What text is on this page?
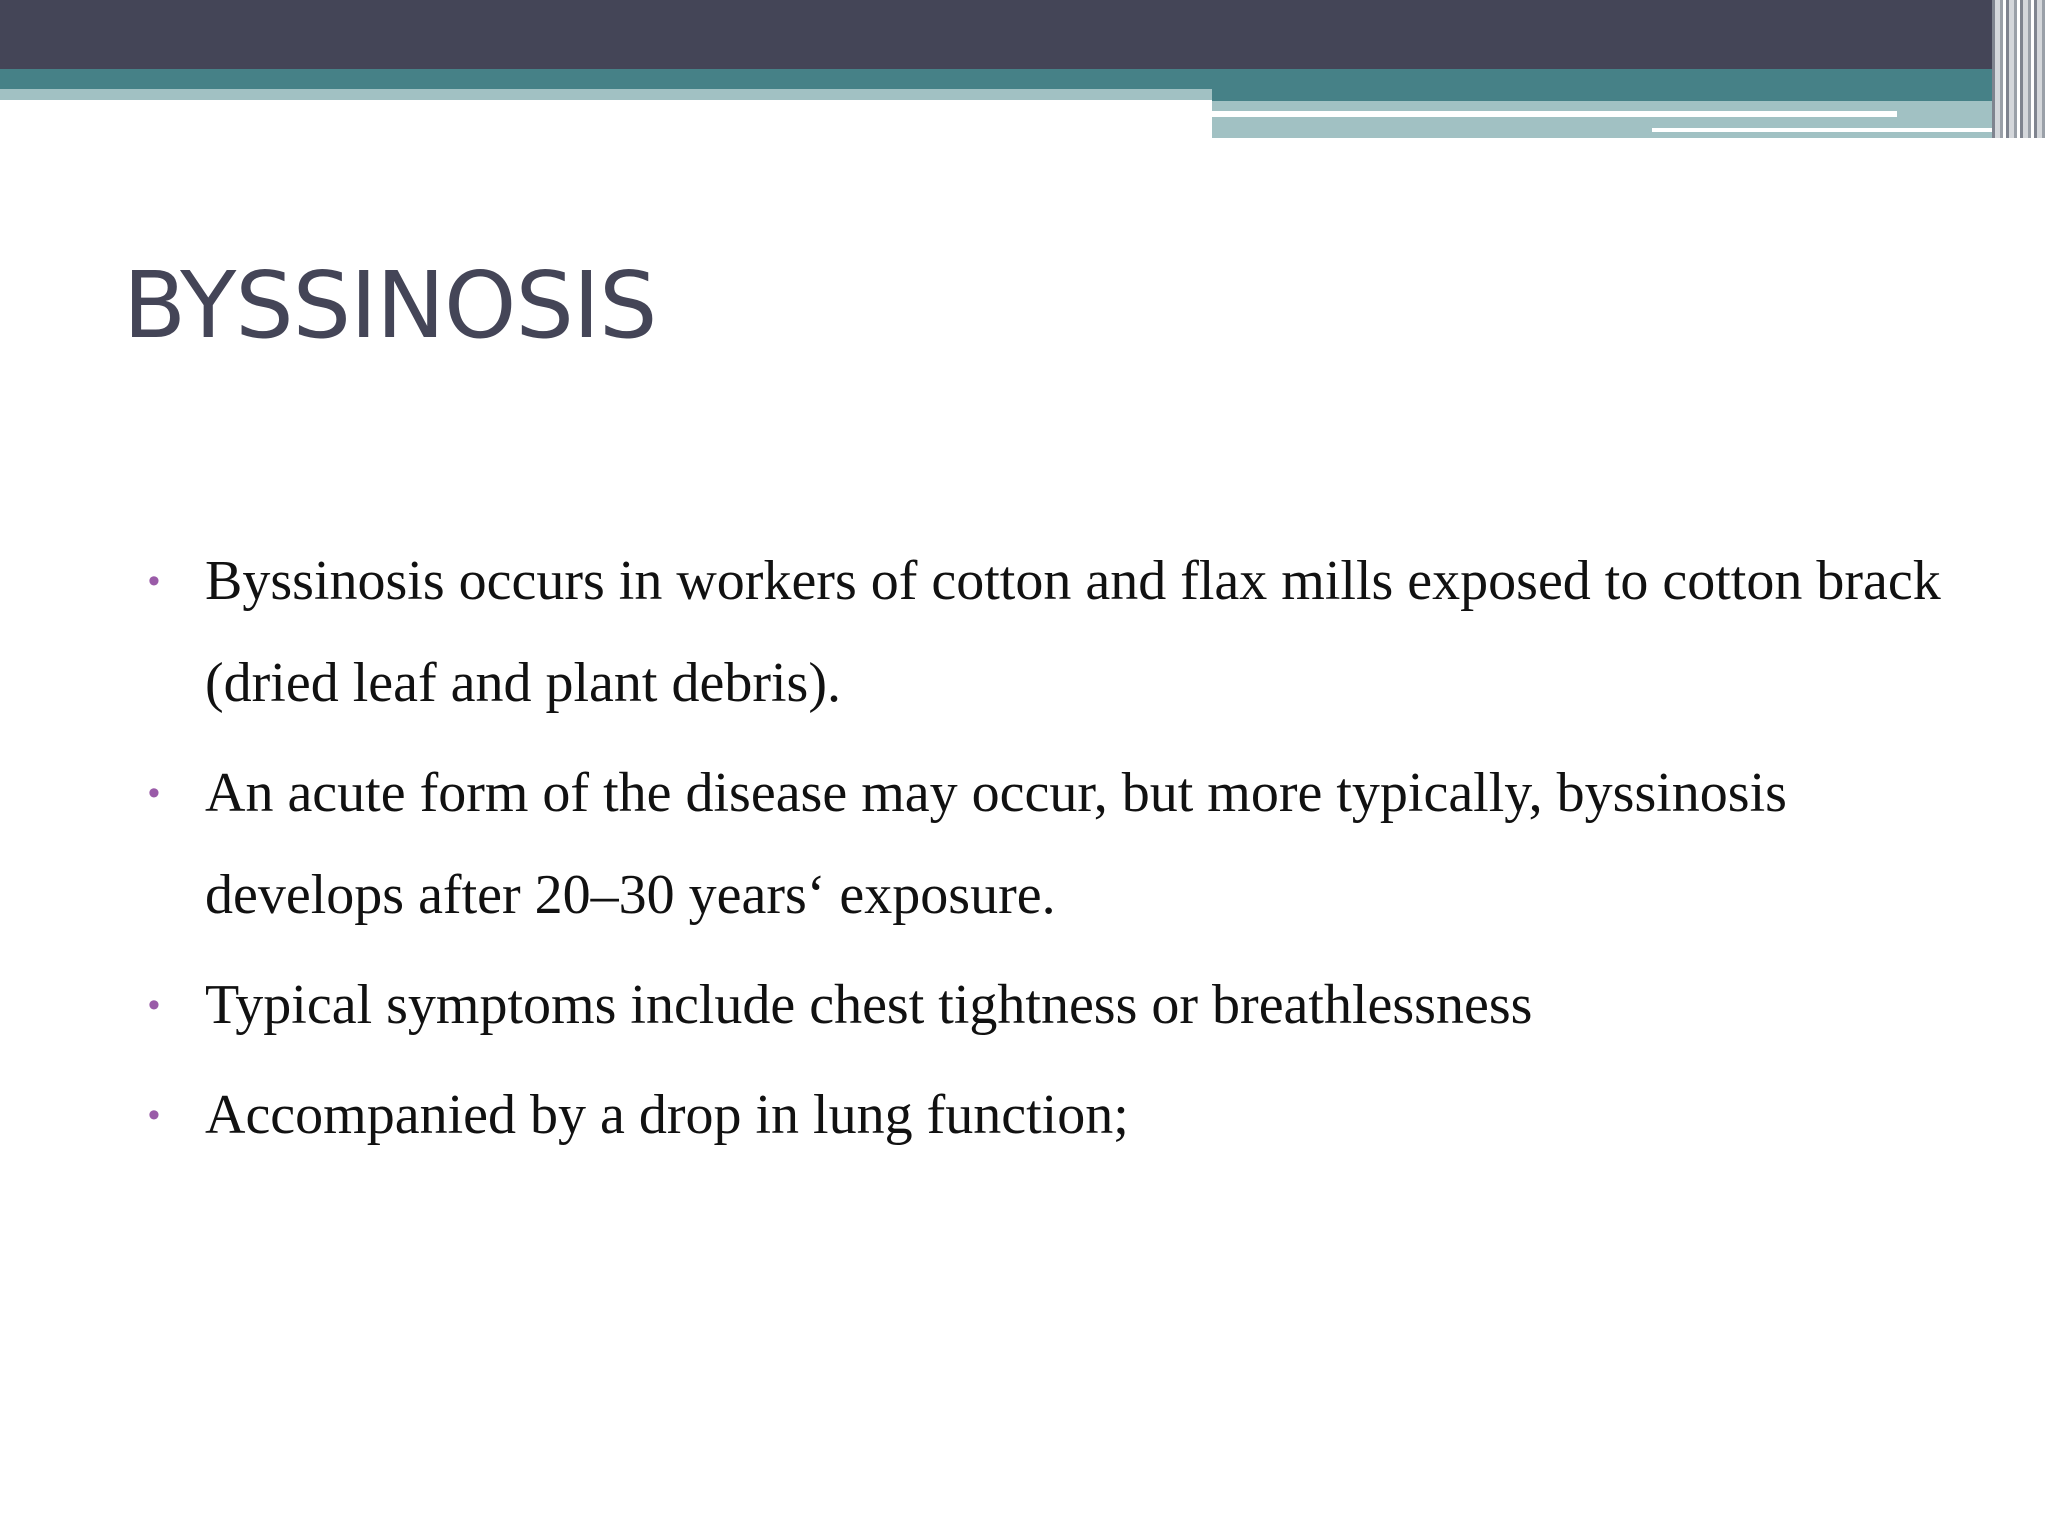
BYSSINOSIS
• Byssinosis occurs in workers of cotton and flax mills exposed to cotton brack (dried leaf and plant debris).
• An acute form of the disease may occur, but more typically, byssinosis develops after 20–30 years‘ exposure.
• Typical symptoms include chest tightness or breathlessness
• Accompanied by a drop in lung function;
